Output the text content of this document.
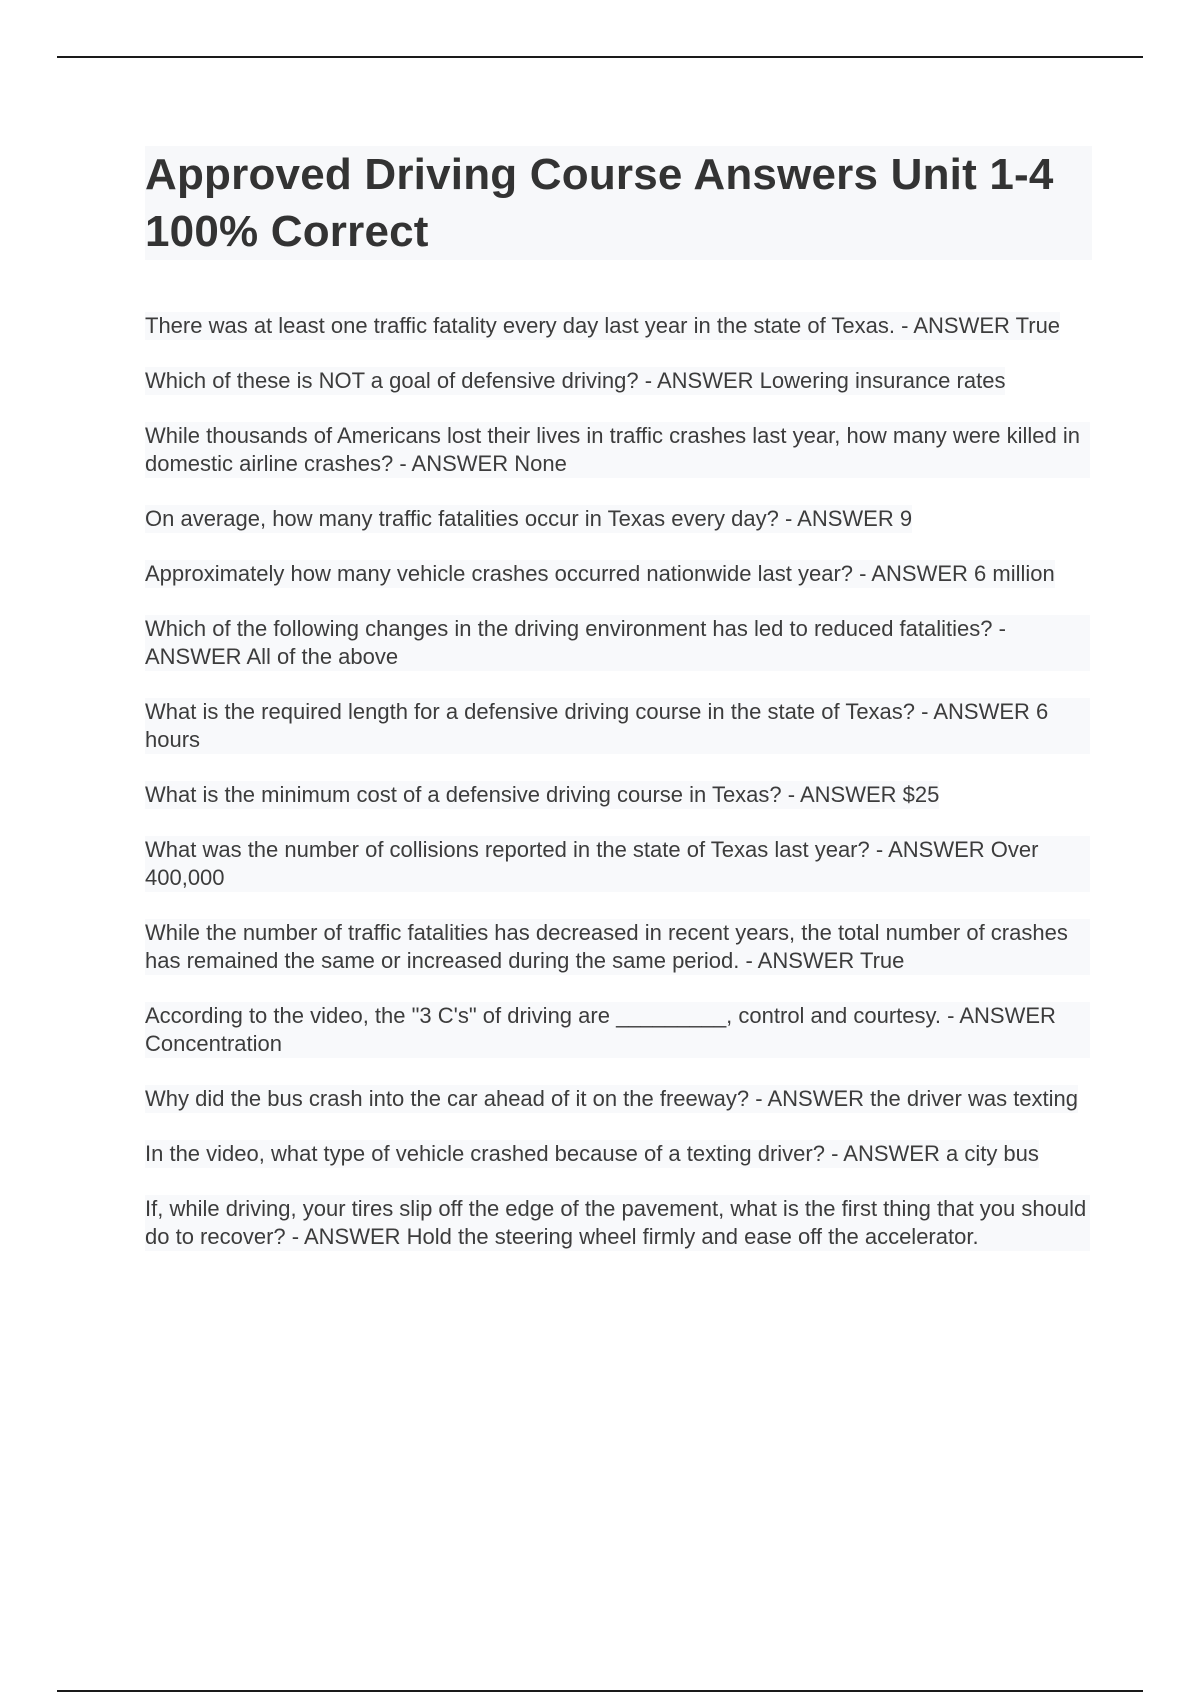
Approved Driving Course Answers Unit 1-4 100% Correct

There was at least one traffic fatality every day last year in the state of Texas. - ANSWER True

Which of these is NOT a goal of defensive driving? - ANSWER Lowering insurance rates

While thousands of Americans lost their lives in traffic crashes last year, how many were killed in domestic airline crashes? - ANSWER None

On average, how many traffic fatalities occur in Texas every day? - ANSWER 9

Approximately how many vehicle crashes occurred nationwide last year? - ANSWER 6 million

Which of the following changes in the driving environment has led to reduced fatalities? - ANSWER All of the above

What is the required length for a defensive driving course in the state of Texas? - ANSWER 6 hours

What is the minimum cost of a defensive driving course in Texas? - ANSWER $25

What was the number of collisions reported in the state of Texas last year? - ANSWER Over 400,000

While the number of traffic fatalities has decreased in recent years, the total number of crashes has remained the same or increased during the same period. - ANSWER True

According to the video, the "3 C's" of driving are _________, control and courtesy. - ANSWER Concentration

Why did the bus crash into the car ahead of it on the freeway? - ANSWER the driver was texting

In the video, what type of vehicle crashed because of a texting driver? - ANSWER a city bus

If, while driving, your tires slip off the edge of the pavement, what is the first thing that you should do to recover? - ANSWER Hold the steering wheel firmly and ease off the accelerator.
